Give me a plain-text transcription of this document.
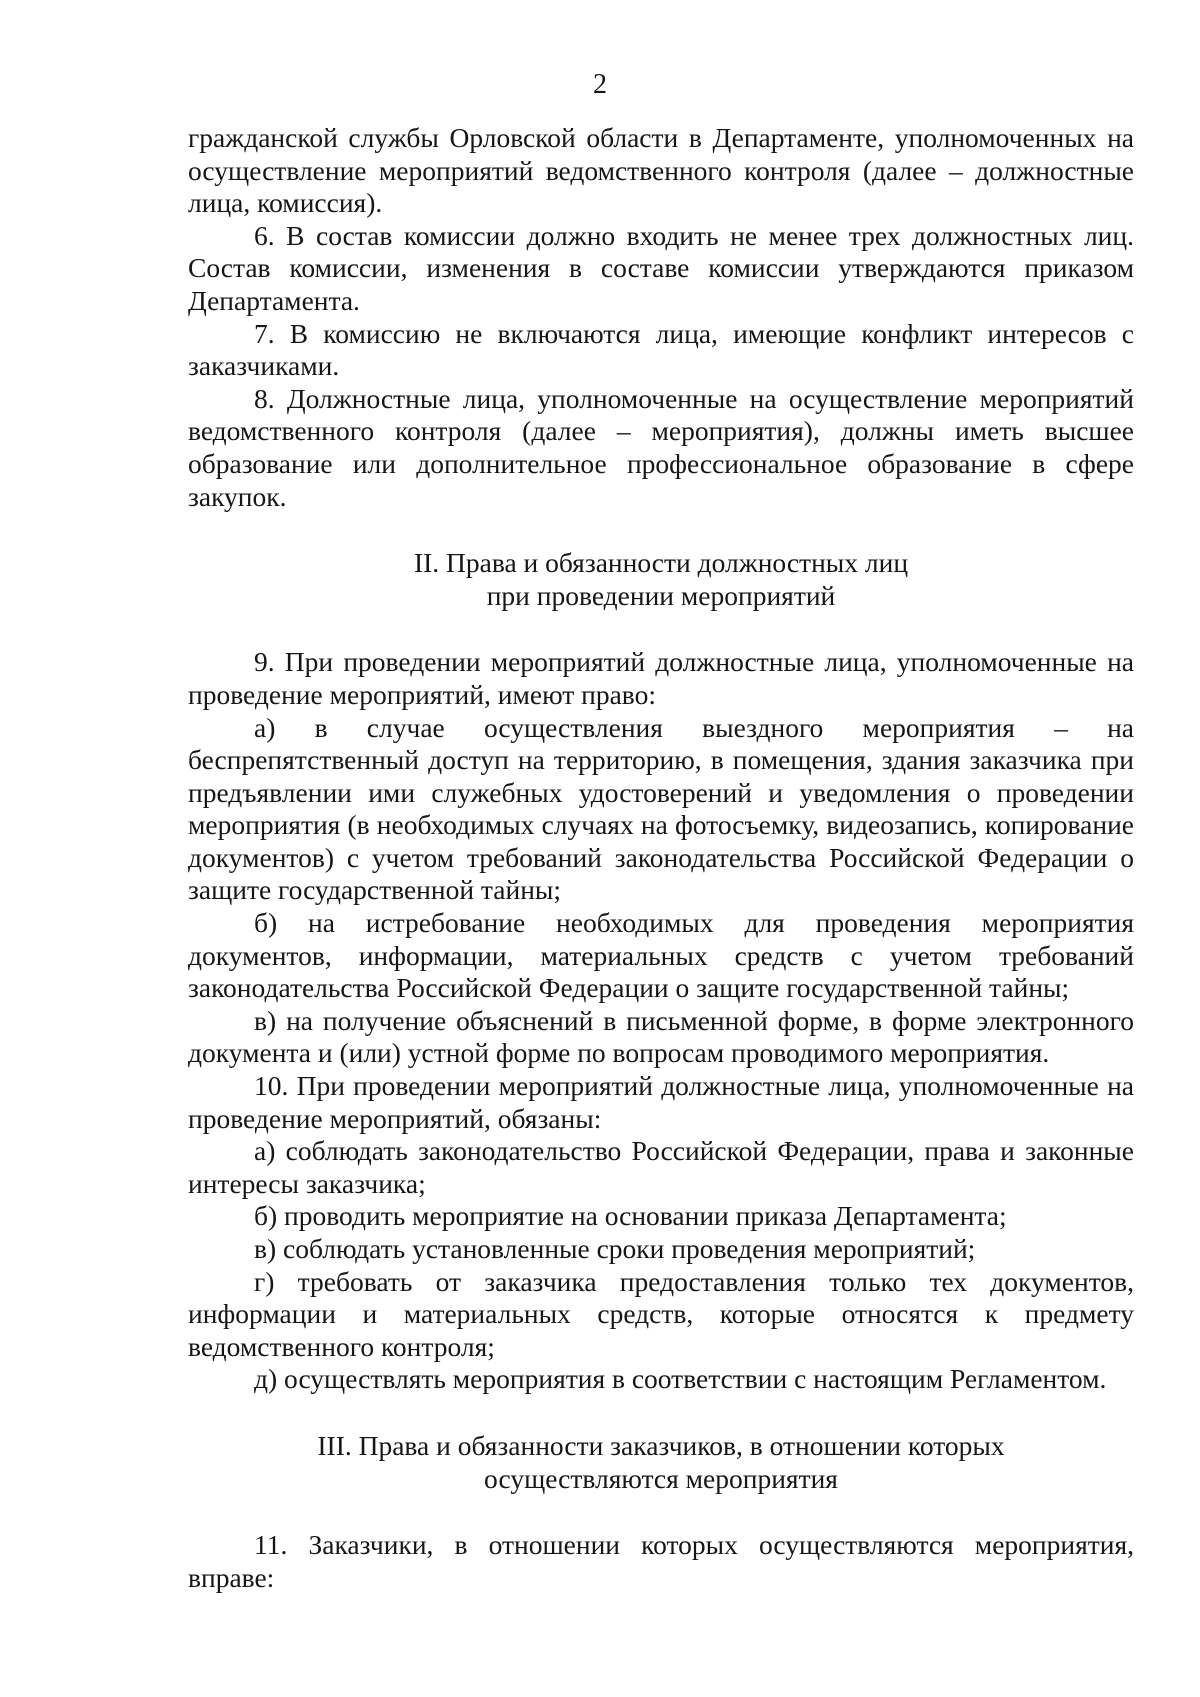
2

гражданской службы Орловской области в Департаменте, уполномоченных на осуществление мероприятий ведомственного контроля (далее – должностные лица, комиссия).

6. В состав комиссии должно входить не менее трех должностных лиц. Состав комиссии, изменения в составе комиссии утверждаются приказом Департамента.

7. В комиссию не включаются лица, имеющие конфликт интересов с заказчиками.

8. Должностные лица, уполномоченные на осуществление мероприятий ведомственного контроля (далее – мероприятия), должны иметь высшее образование или дополнительное профессиональное образование в сфере закупок.

II. Права и обязанности должностных лиц

при проведении мероприятий

9. При проведении мероприятий должностные лица, уполномоченные на проведение мероприятий, имеют право:

а) в случае осуществления выездного мероприятия – на беспрепятственный доступ на территорию, в помещения, здания заказчика при предъявлении ими служебных удостоверений и уведомления о проведении мероприятия (в необходимых случаях на фотосъемку, видеозапись, копирование документов) с учетом требований законодательства Российской Федерации о защите государственной тайны;

б) на истребование необходимых для проведения мероприятия документов, информации, материальных средств с учетом требований законодательства Российской Федерации о защите государственной тайны;

в) на получение объяснений в письменной форме, в форме электронного документа и (или) устной форме по вопросам проводимого мероприятия.

10. При проведении мероприятий должностные лица, уполномоченные на проведение мероприятий, обязаны:

а) соблюдать законодательство Российской Федерации, права и законные интересы заказчика;

б) проводить мероприятие на основании приказа Департамента;

в) соблюдать установленные сроки проведения мероприятий;

г) требовать от заказчика предоставления только тех документов, информации и материальных средств, которые относятся к предмету ведомственного контроля;

д) осуществлять мероприятия в соответствии с настоящим Регламентом.

III. Права и обязанности заказчиков, в отношении которых

осуществляются мероприятия

11. Заказчики, в отношении которых осуществляются мероприятия, вправе:
